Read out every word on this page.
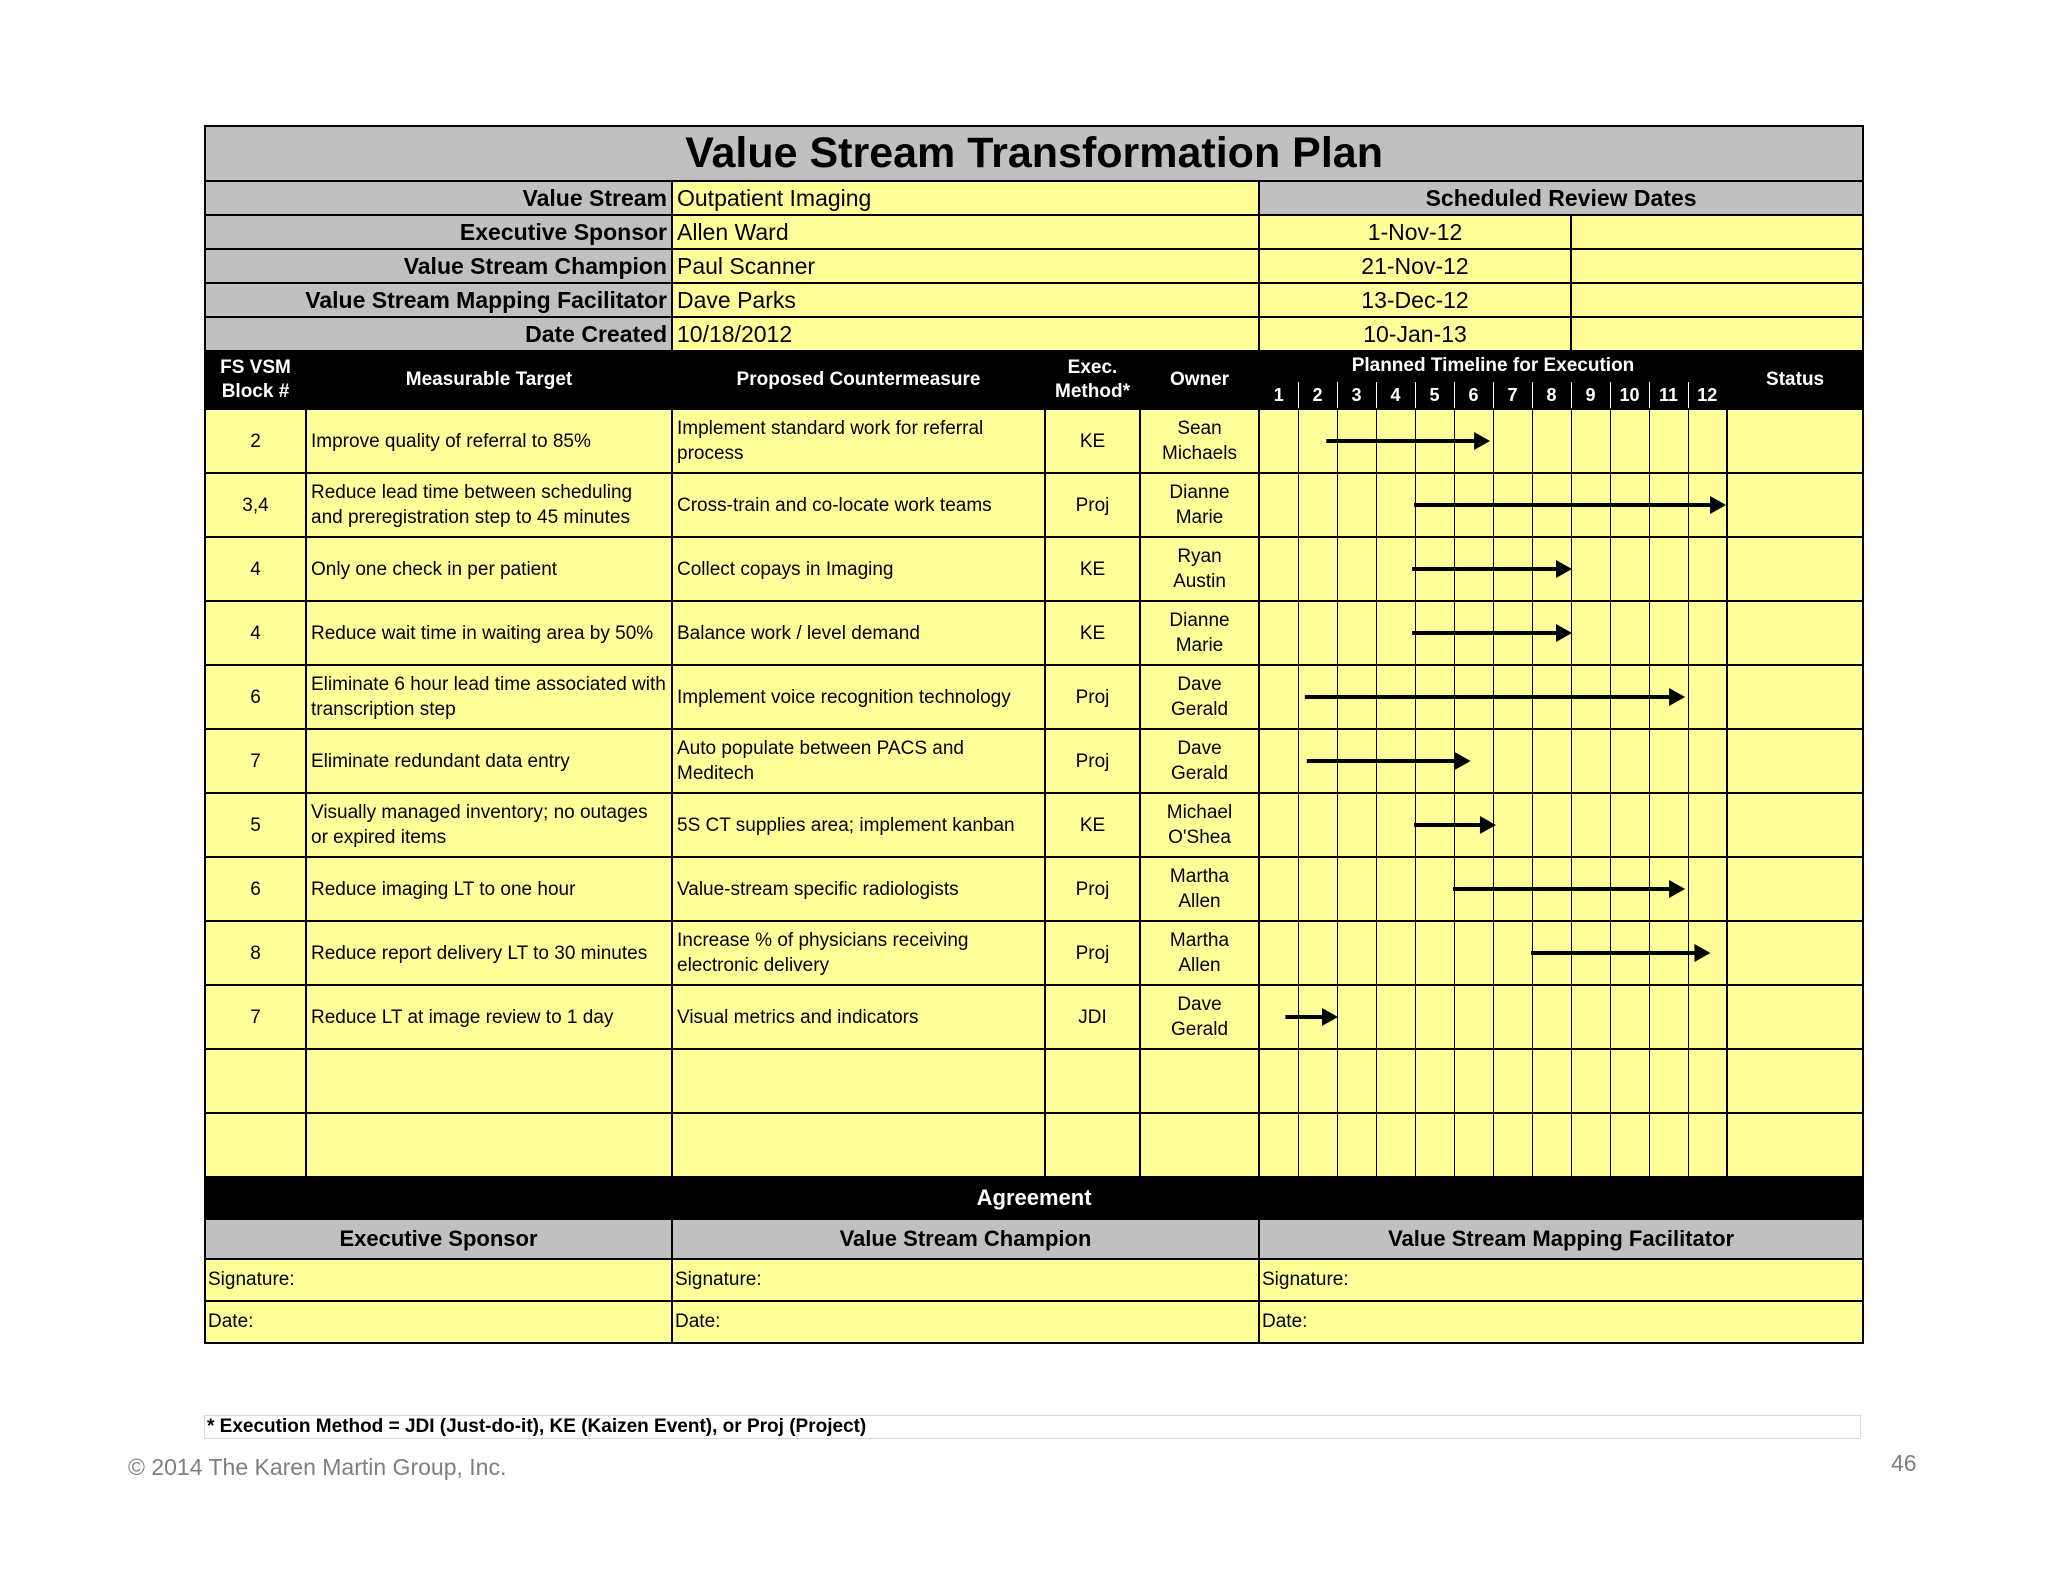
Value Stream Transformation Plan																	
Value Stream		Outpatient Imaging			Scheduled Review Dates												
Executive Sponsor		Allen Ward			1-Nov-12												
Value Stream Champion		Paul Scanner			21-Nov-12												
Value Stream Mapping Facilitator		Dave Parks			13-Dec-12												
Date Created		10/18/2012			10-Jan-13												
FS VSM Block #	Measurable Target	Proposed Countermeasure	Exec. Method*	Owner	Planned Timeline for Execution												Status
					1	2	3	4	5	6	7	8	9	10	11	12	
2	Improve quality of referral to 85%	Implement standard work for referral process	KE	Sean Michaels	

3,4	Reduce lead time between scheduling and preregistration step to 45 minutes	Cross-train and co-locate work teams	Proj	Dianne Marie	

4	Only one check in per patient	Collect copays in Imaging	KE	Ryan Austin	

4	Reduce wait time in waiting area by 50%	Balance work / level demand	KE	Dianne Marie	

6	Eliminate 6 hour lead time associated with transcription step	Implement voice recognition technology	Proj	Dave Gerald	

7	Eliminate redundant data entry	Auto populate between PACS and Meditech	Proj	Dave Gerald	

5	Visually managed inventory; no outages or expired items	5S CT supplies area; implement kanban	KE	Michael O'Shea	

6	Reduce imaging LT to one hour	Value-stream specific radiologists	Proj	Martha Allen	

8	Reduce report delivery LT to 30 minutes	Increase % of physicians receiving electronic delivery	Proj	Martha Allen	

7	Reduce LT at image review to 1 day	Visual metrics and indicators	JDI	Dave Gerald	

Agreement																	
Executive Sponsor		Value Stream Champion			Value Stream Mapping Facilitator												
Signature:		Signature:			Signature:												
Date:		Date:			Date:												
* Execution Method = JDI (Just-do-it), KE (Kaizen Event), or Proj (Project)
© 2014 The Karen Martin Group, Inc.	46
